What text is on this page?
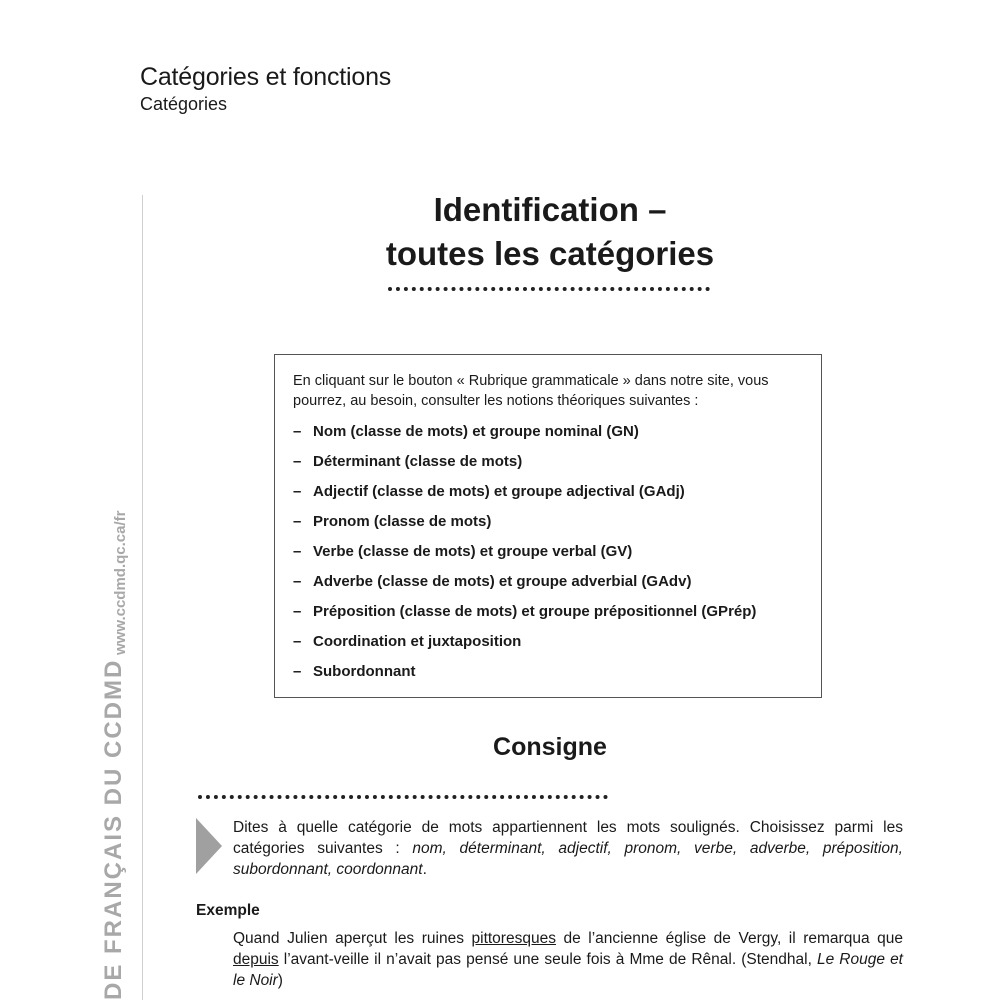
Catégories et fonctions
Catégories
www.ccdmd.qc.ca/fr
DE FRANÇAIS DU CCDMD
Identification –
toutes les catégories

En cliquant sur le bouton « Rubrique grammaticale » dans notre site, vous pourrez, au besoin, consulter les notions théoriques suivantes :

– Nom (classe de mots) et groupe nominal (GN)
– Déterminant (classe de mots)
– Adjectif (classe de mots) et groupe adjectival (GAdj)
– Pronom (classe de mots)
– Verbe (classe de mots) et groupe verbal (GV)
– Adverbe (classe de mots) et groupe adverbial (GAdv)
– Préposition (classe de mots) et groupe prépositionnel (GPrép)
– Coordination et juxtaposition
– Subordonnant
Consigne
Dites à quelle catégorie de mots appartiennent les mots soulignés. Choisissez parmi les catégories suivantes : nom, déterminant, adjectif, pronom, verbe, adverbe, préposition, subordonnant, coordonnant.
Exemple
Quand Julien aperçut les ruines pittoresques de l’ancienne église de Vergy, il remarqua que depuis l’avant-veille il n’avait pas pensé une seule fois à Mme de Rênal. (Stendhal, Le Rouge et le Noir)
